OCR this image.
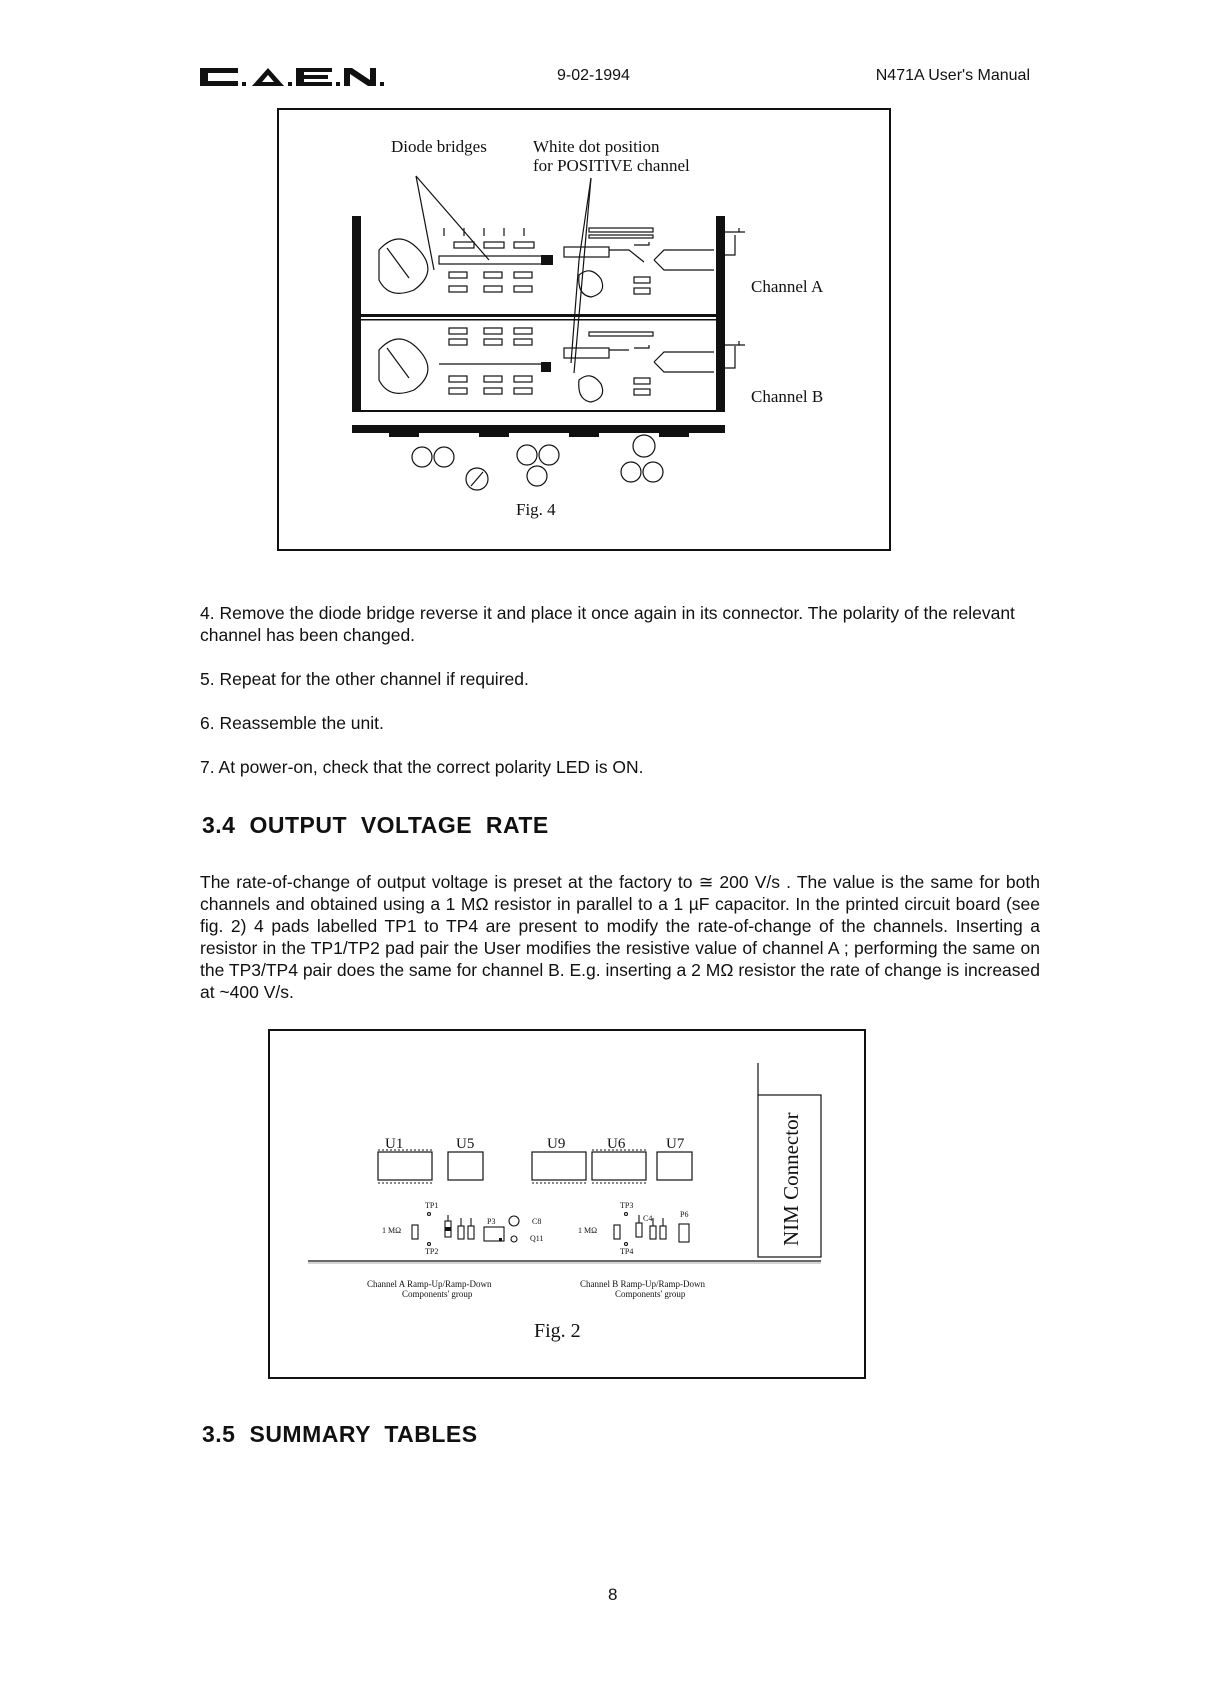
9-02-1994	N471A User's Manual
Diode bridges	White dot position
for POSITIVE channel
Channel A
Channel B
Fig. 4
4. Remove the diode bridge reverse it and place it once again in its connector. The polarity of the relevant channel has been changed.
5. Repeat for the other channel if required.
6. Reassemble the unit.
7. At power-on, check that the correct polarity LED is ON.
3.4 OUTPUT  VOLTAGE  RATE
The rate-of-change of output voltage is preset at the factory to ≅ 200 V/s . The value is the same for both channels and obtained using a 1 MΩ resistor in parallel to a 1 µF capacitor. In the printed circuit board (see fig. 2) 4 pads labelled TP1 to TP4 are present to modify the rate-of-change of the channels. Inserting a resistor in the TP1/TP2 pad pair the User modifies the resistive value of channel A ; performing the same on the TP3/TP4 pair does the same for channel B. E.g. inserting a 2 MΩ resistor the rate of change is increased at ~400 V/s.
NIM Connector
U1	U5	U9	U6	U7
TP1
TP2
1 MΩ
P3	C8
Q11
TP3
TP4
1 MΩ
C4	P6
Channel A Ramp-Up/Ramp-Down
Components' group
Channel B Ramp-Up/Ramp-Down
Components' group
Fig. 2
3.5 SUMMARY  TABLES
8
